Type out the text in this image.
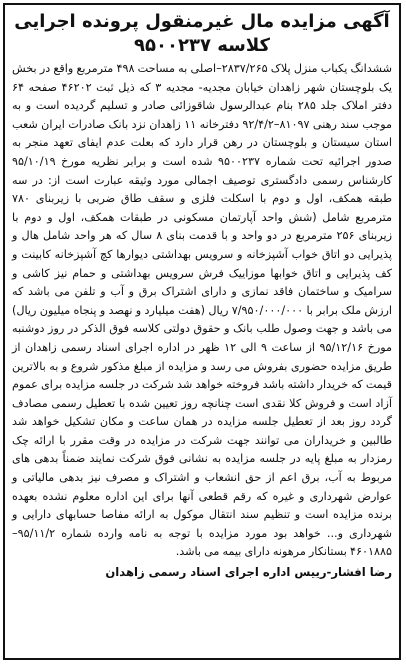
آگهی مزایده مال غیرمنقول پرونده اجرایی
کلاسه ۹۵۰۰۲۳۷

ششدانگ یکباب منزل پلاک ۲۸۳۷/۲۶۵–اصلی به مساحت ۴۹۸ مترمربع واقع در بخش یک بلوچستان شهر زاهدان خیابان مجدیه- مجدیه ۳ که ذیل ثبت ۴۶۲۰۲ صفحه ۶۴ دفتر املاک جلد ۲۸۵ بنام عبدالرسول شاقوزائی صادر و تسلیم گردیده است و به موجب سند رهنی ۸۱۰۹۷–۹۲/۴/۲ دفترخانه ۱۱ زاهدان نزد بانک صادرات ایران شعب استان سیستان و بلوچستان در رهن قرار دارد که بعلت عدم ایفای تعهد منجر به صدور اجرائیه تحت شماره ۹۵۰۰۲۳۷ شده است و برابر نظریه مورخ ۹۵/۱۰/۱۹ کارشناس رسمی دادگستری توصیف اجمالی مورد وثیقه عبارت است از: در سه طبقه همکف، اول و دوم با اسکلت فلزی و سقف طاق ضربی با زیربنای ۷۸۰ مترمربع شامل (شش واحد آپارتمان مسکونی در طبقات همکف، اول و دوم با زیربنای ۲۵۶ مترمربع در دو واحد و با قدمت بنای ۸ سال که هر واحد شامل هال و پذیرایی دو اتاق خواب آشپزخانه و سرویس بهداشتی دیوارها کچ آشپزخانه کابینت و کف پذیرایی و اتاق خوابها موزاییک فرش سرویس بهداشتی و حمام نیز کاشی و سرامیک و ساختمان فاقد نمازی و دارای اشتراک برق و آب و تلفن می باشد که ارزش ملک برابر با ۷/۹۵۰/۰۰۰/۰۰۰ ریال (هفت میلیارد و نهصد و پنجاه میلیون ریال) می باشد و جهت وصول طلب بانک و حقوق دولتی کلاسه فوق الذکر در روز دوشنبه مورخ ۹۵/۱۲/۱۶ از ساعت ۹ الی ۱۲ ظهر در اداره اجرای اسناد رسمی زاهدان از طریق مزایده حضوری بفروش می رسد و مزایده از مبلغ مذکور شروع و به بالاترین قیمت که خریدار داشته باشد فروخته خواهد شد شرکت در جلسه مزایده برای عموم آزاد است و فروش کلا نقدی است چنانچه روز تعیین شده با تعطیل رسمی مصادف گردد روز بعد از تعطیل جلسه مزایده در همان ساعت و مکان تشکیل خواهد شد طالبین و خریداران می توانند جهت شرکت در مزایده در وقت مقرر با ارائه چک رمزدار به مبلغ پایه در جلسه مزایده به نشانی فوق شرکت نمایند ضمناً بدهی های مربوط به آب، برق اعم از حق انشعاب و اشتراک و مصرف نیز بدهی مالیاتی و عوارض شهرداری و غیره که رقم قطعی آنها برای این اداره معلوم نشده بعهده برنده مزایده است و تنظیم سند انتقال موکول به ارائه مفاصا حسابهای دارایی و شهرداری و... خواهد بود مورد مزایده با توجه به نامه وارده شماره ۹۵/۱۱/۲–۴۶۰۱۸۸۵ بستانکار مرهونه دارای بیمه می باشد.

رضا افشار-رییس اداره اجرای اسناد رسمی زاهدان
